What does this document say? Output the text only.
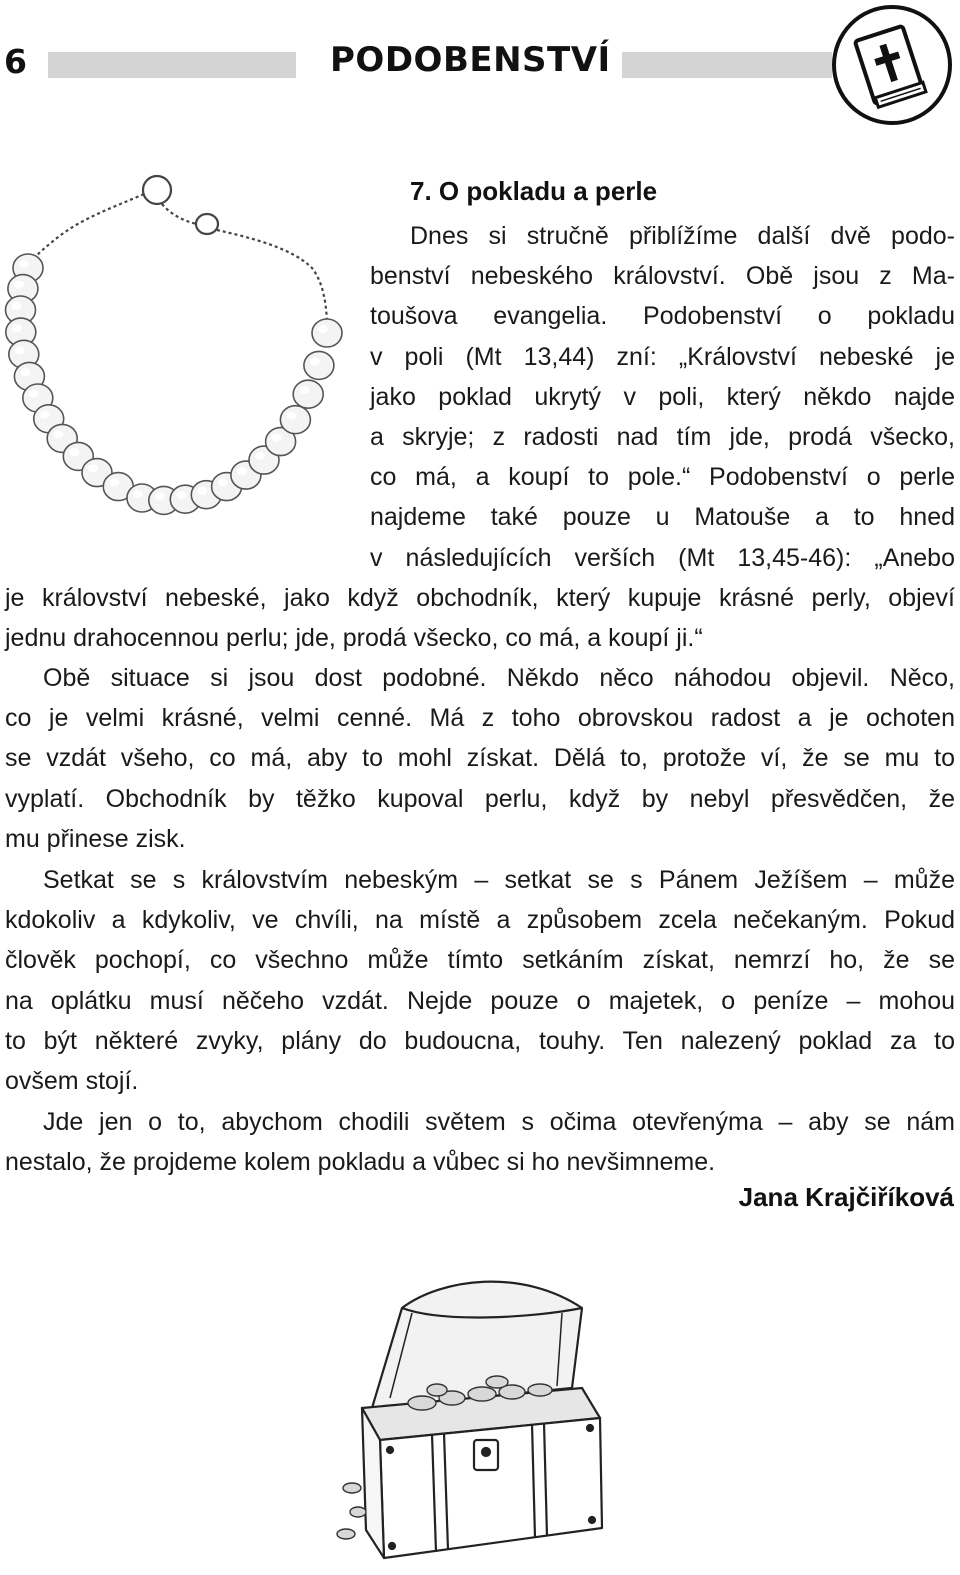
6	PODOBENSTVÍ
7. O pokladu a perle
Dnes si stručně přiblížíme další dvě podo-
benství nebeského království. Obě jsou z Ma-
toušova evangelia. Podobenství o pokladu
v poli (Mt 13,44) zní: „Království nebeské je
jako poklad ukrytý v poli, který někdo najde
a skryje; z radosti nad tím jde, prodá všecko,
co má, a koupí to pole.“ Podobenství o perle
najdeme také pouze u Matouše a to hned
v následujících verších (Mt 13,45-46): „Anebo
je království nebeské, jako když obchodník, který kupuje krásné perly, objeví
jednu drahocennou perlu; jde, prodá všecko, co má, a koupí ji.“
Obě situace si jsou dost podobné. Někdo něco náhodou objevil. Něco,
co je velmi krásné, velmi cenné. Má z toho obrovskou radost a je ochoten
se vzdát všeho, co má, aby to mohl získat. Dělá to, protože ví, že se mu to
vyplatí. Obchodník by těžko kupoval perlu, když by nebyl přesvědčen, že
mu přinese zisk.
Setkat se s královstvím nebeským – setkat se s Pánem Ježíšem – může
kdokoliv a kdykoliv, ve chvíli, na místě a způsobem zcela nečekaným. Pokud
člověk pochopí, co všechno může tímto setkáním získat, nemrzí ho, že se
na oplátku musí něčeho vzdát. Nejde pouze o majetek, o peníze – mohou
to být některé zvyky, plány do budoucna, touhy. Ten nalezený poklad za to
ovšem stojí.
Jde jen o to, abychom chodili světem s očima otevřenýma – aby se nám
nestalo, že projdeme kolem pokladu a vůbec si ho nevšimneme.
Jana Krajčiříková
